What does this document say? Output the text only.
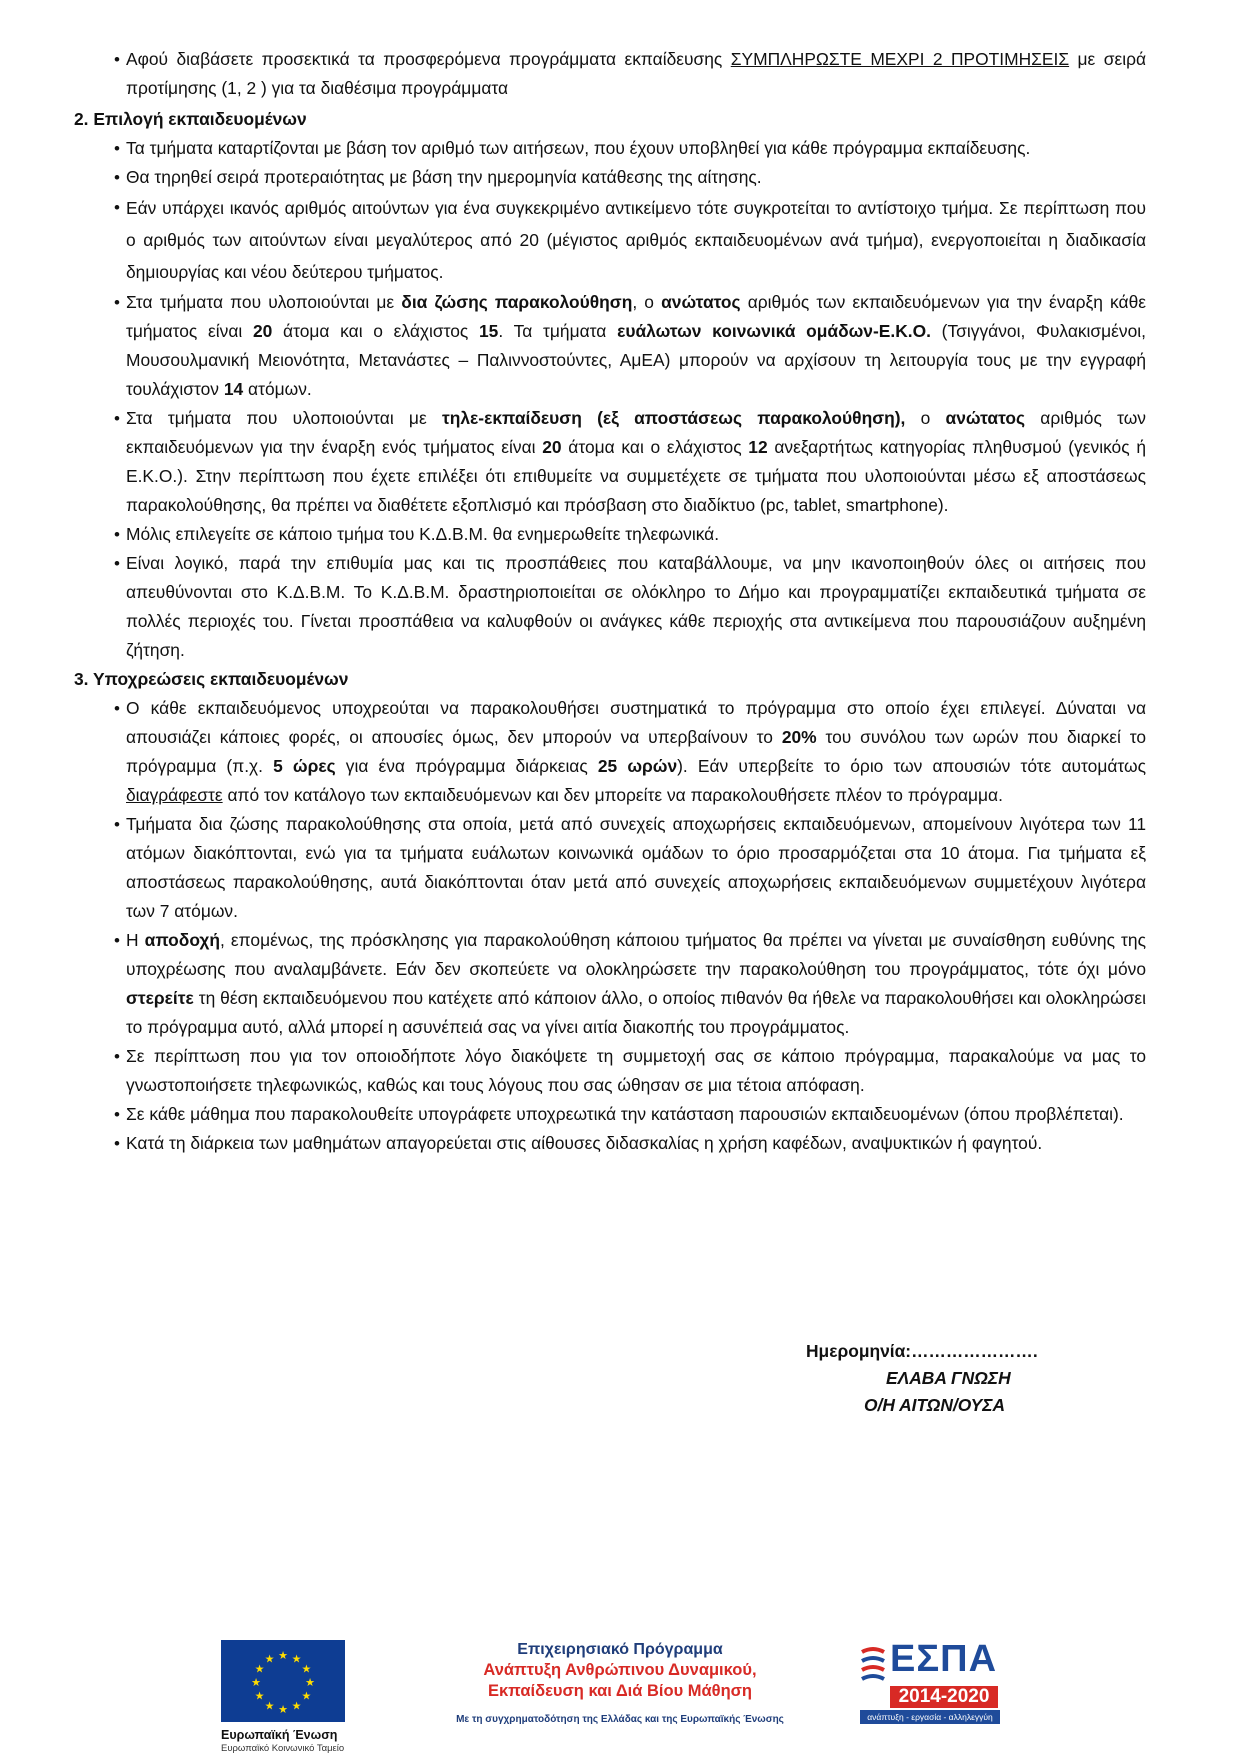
• Αφού διαβάσετε προσεκτικά τα προσφερόμενα προγράμματα εκπαίδευσης ΣΥΜΠΛΗΡΩΣΤΕ ΜΕΧΡΙ 2 ΠΡΟΤΙΜΗΣΕΙΣ με σειρά προτίμησης (1, 2 ) για τα διαθέσιμα προγράμματα

2. Επιλογή εκπαιδευομένων

• Τα τμήματα καταρτίζονται με βάση τον αριθμό των αιτήσεων, που έχουν υποβληθεί για κάθε πρόγραμμα εκπαίδευσης.
• Θα τηρηθεί σειρά προτεραιότητας με βάση την ημερομηνία κατάθεσης της αίτησης.
• Εάν υπάρχει ικανός αριθμός αιτούντων για ένα συγκεκριμένο αντικείμενο τότε συγκροτείται το αντίστοιχο τμήμα. Σε περίπτωση που ο αριθμός των αιτούντων είναι μεγαλύτερος από 20 (μέγιστος αριθμός εκπαιδευομένων ανά τμήμα), ενεργοποιείται η διαδικασία δημιουργίας και νέου δεύτερου τμήματος.
• Στα τμήματα που υλοποιούνται με δια ζώσης παρακολούθηση, ο ανώτατος αριθμός των εκπαιδευόμενων για την έναρξη κάθε τμήματος είναι 20 άτομα και ο ελάχιστος 15. Τα τμήματα ευάλωτων κοινωνικά ομάδων-Ε.Κ.Ο. (Τσιγγάνοι, Φυλακισμένοι, Μουσουλμανική Μειονότητα, Μετανάστες – Παλιννοστούντες, ΑμΕΑ) μπορούν να αρχίσουν τη λειτουργία τους με την εγγραφή τουλάχιστον 14 ατόμων.
• Στα τμήματα που υλοποιούνται με τηλε-εκπαίδευση (εξ αποστάσεως παρακολούθηση), ο ανώτατος αριθμός των εκπαιδευόμενων για την έναρξη ενός τμήματος είναι 20 άτομα και ο ελάχιστος 12 ανεξαρτήτως κατηγορίας πληθυσμού (γενικός ή Ε.Κ.Ο.). Στην περίπτωση που έχετε επιλέξει ότι επιθυμείτε να συμμετέχετε σε τμήματα που υλοποιούνται μέσω εξ αποστάσεως παρακολούθησης, θα πρέπει να διαθέτετε εξοπλισμό και πρόσβαση στο διαδίκτυο (pc, tablet, smartphone).
• Μόλις επιλεγείτε σε κάποιο τμήμα του Κ.Δ.Β.Μ. θα ενημερωθείτε τηλεφωνικά.
• Είναι λογικό, παρά την επιθυμία μας και τις προσπάθειες που καταβάλλουμε, να μην ικανοποιηθούν όλες οι αιτήσεις που απευθύνονται στο Κ.Δ.Β.Μ. Το Κ.Δ.Β.Μ. δραστηριοποιείται σε ολόκληρο το Δήμο και προγραμματίζει εκπαιδευτικά τμήματα σε πολλές περιοχές του. Γίνεται προσπάθεια να καλυφθούν οι ανάγκες κάθε περιοχής στα αντικείμενα που παρουσιάζουν αυξημένη ζήτηση.

3. Υποχρεώσεις εκπαιδευομένων

• Ο κάθε εκπαιδευόμενος υποχρεούται να παρακολουθήσει συστηματικά το πρόγραμμα στο οποίο έχει επιλεγεί. Δύναται να απουσιάζει κάποιες φορές, οι απουσίες όμως, δεν μπορούν να υπερβαίνουν το 20% του συνόλου των ωρών που διαρκεί το πρόγραμμα (π.χ. 5 ώρες για ένα πρόγραμμα διάρκειας 25 ωρών). Εάν υπερβείτε το όριο των απουσιών τότε αυτομάτως διαγράφεστε από τον κατάλογο των εκπαιδευόμενων και δεν μπορείτε να παρακολουθήσετε πλέον το πρόγραμμα.
• Τμήματα δια ζώσης παρακολούθησης στα οποία, μετά από συνεχείς αποχωρήσεις εκπαιδευόμενων, απομείνουν λιγότερα των 11 ατόμων διακόπτονται, ενώ για τα τμήματα ευάλωτων κοινωνικά ομάδων το όριο προσαρμόζεται στα 10 άτομα. Για τμήματα εξ αποστάσεως παρακολούθησης, αυτά διακόπτονται όταν μετά από συνεχείς αποχωρήσεις εκπαιδευόμενων συμμετέχουν λιγότερα των 7 ατόμων.
• Η αποδοχή, επομένως, της πρόσκλησης για παρακολούθηση κάποιου τμήματος θα πρέπει να γίνεται με συναίσθηση ευθύνης της υποχρέωσης που αναλαμβάνετε. Εάν δεν σκοπεύετε να ολοκληρώσετε την παρακολούθηση του προγράμματος, τότε όχι μόνο στερείτε τη θέση εκπαιδευόμενου που κατέχετε από κάποιον άλλο, ο οποίος πιθανόν θα ήθελε να παρακολουθήσει και ολοκληρώσει το πρόγραμμα αυτό, αλλά μπορεί η ασυνέπειά σας να γίνει αιτία διακοπής του προγράμματος.
• Σε περίπτωση που για τον οποιοδήποτε λόγο διακόψετε τη συμμετοχή σας σε κάποιο πρόγραμμα, παρακαλούμε να μας το γνωστοποιήσετε τηλεφωνικώς, καθώς και τους λόγους που σας ώθησαν σε μια τέτοια απόφαση.
• Σε κάθε μάθημα που παρακολουθείτε υπογράφετε υποχρεωτικά την κατάσταση παρουσιών εκπαιδευομένων (όπου προβλέπεται).
• Κατά τη διάρκεια των μαθημάτων απαγορεύεται στις αίθουσες διδασκαλίας η χρήση καφέδων, αναψυκτικών ή φαγητού.
Ημερομηνία:………………….
ΕΛΑΒΑ ΓΝΩΣΗ
Ο/Η ΑΙΤΩΝ/ΟΥΣΑ
★ ★
★
★
★
★
★
★
★
★
★
★
Ευρωπαϊκή Ένωση
Ευρωπαϊκό Κοινωνικό Ταμείο
Επιχειρησιακό Πρόγραμμα
Ανάπτυξη Ανθρώπινου Δυναμικού,
Εκπαίδευση και Διά Βίου Μάθηση
Με τη συγχρηματοδότηση της Ελλάδας και της Ευρωπαϊκής Ένωσης
ΕΣΠΑ
2014-2020
ανάπτυξη - εργασία - αλληλεγγύη
